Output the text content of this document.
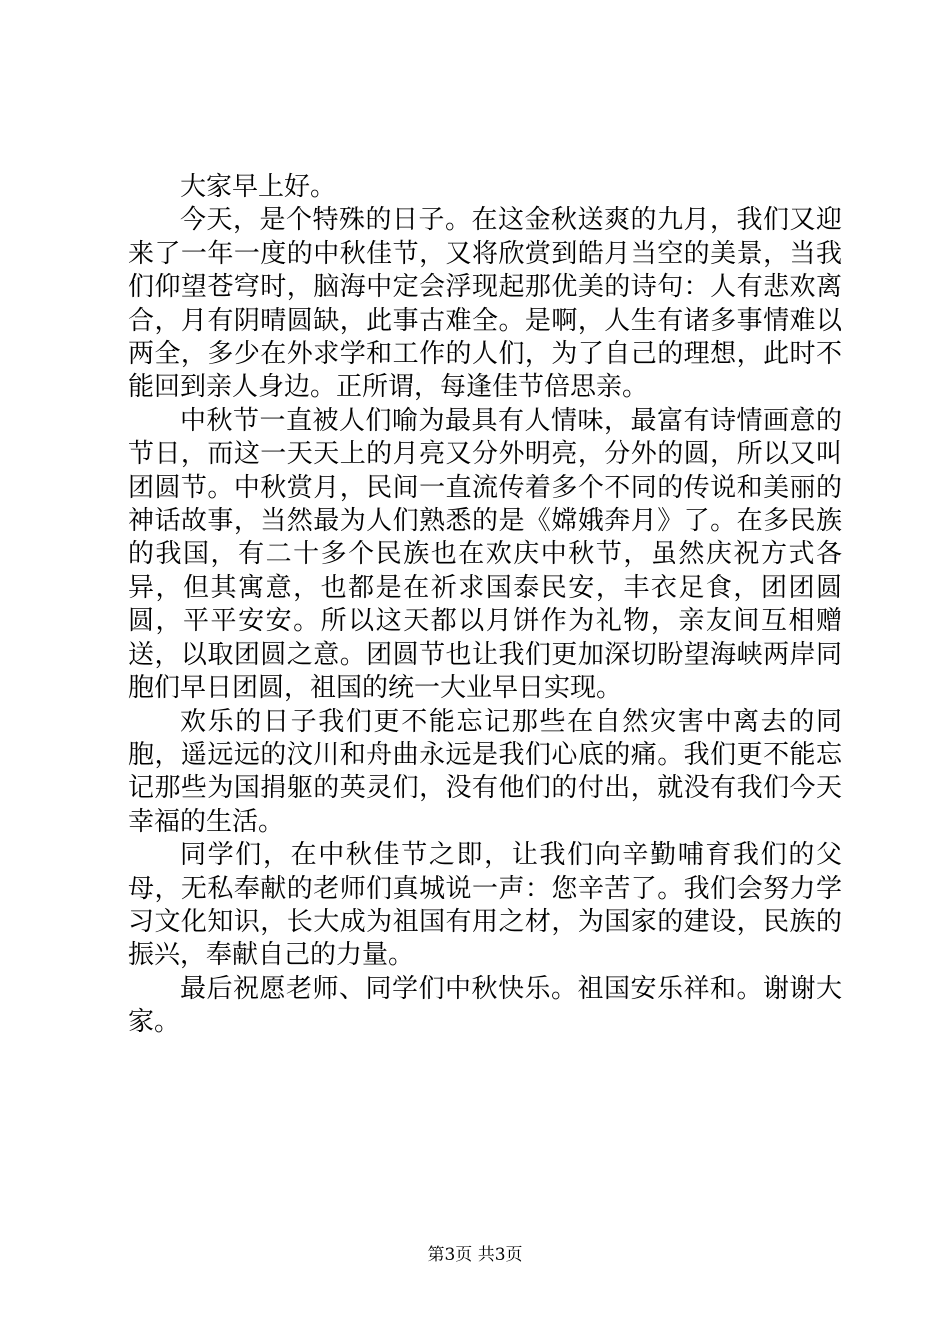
大家早上好。

今天，是个特殊的日子。在这金秋送爽的九月，我们又迎来了一年一度的中秋佳节，又将欣赏到皓月当空的美景，当我们仰望苍穹时，脑海中定会浮现起那优美的诗句：人有悲欢离合，月有阴晴圆缺，此事古难全。是啊，人生有诸多事情难以两全，多少在外求学和工作的人们，为了自己的理想，此时不能回到亲人身边。正所谓，每逢佳节倍思亲。

中秋节一直被人们喻为最具有人情味，最富有诗情画意的节日，而这一天天上的月亮又分外明亮，分外的圆，所以又叫团圆节。中秋赏月，民间一直流传着多个不同的传说和美丽的神话故事，当然最为人们熟悉的是《嫦娥奔月》了。在多民族的我国，有二十多个民族也在欢庆中秋节，虽然庆祝方式各异，但其寓意，也都是在祈求国泰民安，丰衣足食，团团圆圆，平平安安。所以这天都以月饼作为礼物，亲友间互相赠送，以取团圆之意。团圆节也让我们更加深切盼望海峡两岸同胞们早日团圆，祖国的统一大业早日实现。

欢乐的日子我们更不能忘记那些在自然灾害中离去的同胞，遥远远的汶川和舟曲永远是我们心底的痛。我们更不能忘记那些为国捐躯的英灵们，没有他们的付出，就没有我们今天幸福的生活。

同学们，在中秋佳节之即，让我们向辛勤哺育我们的父母，无私奉献的老师们真城说一声：您辛苦了。我们会努力学习文化知识，长大成为祖国有用之材，为国家的建设，民族的振兴，奉献自己的力量。

最后祝愿老师、同学们中秋快乐。祖国安乐祥和。谢谢大家。

第3页 共3页
